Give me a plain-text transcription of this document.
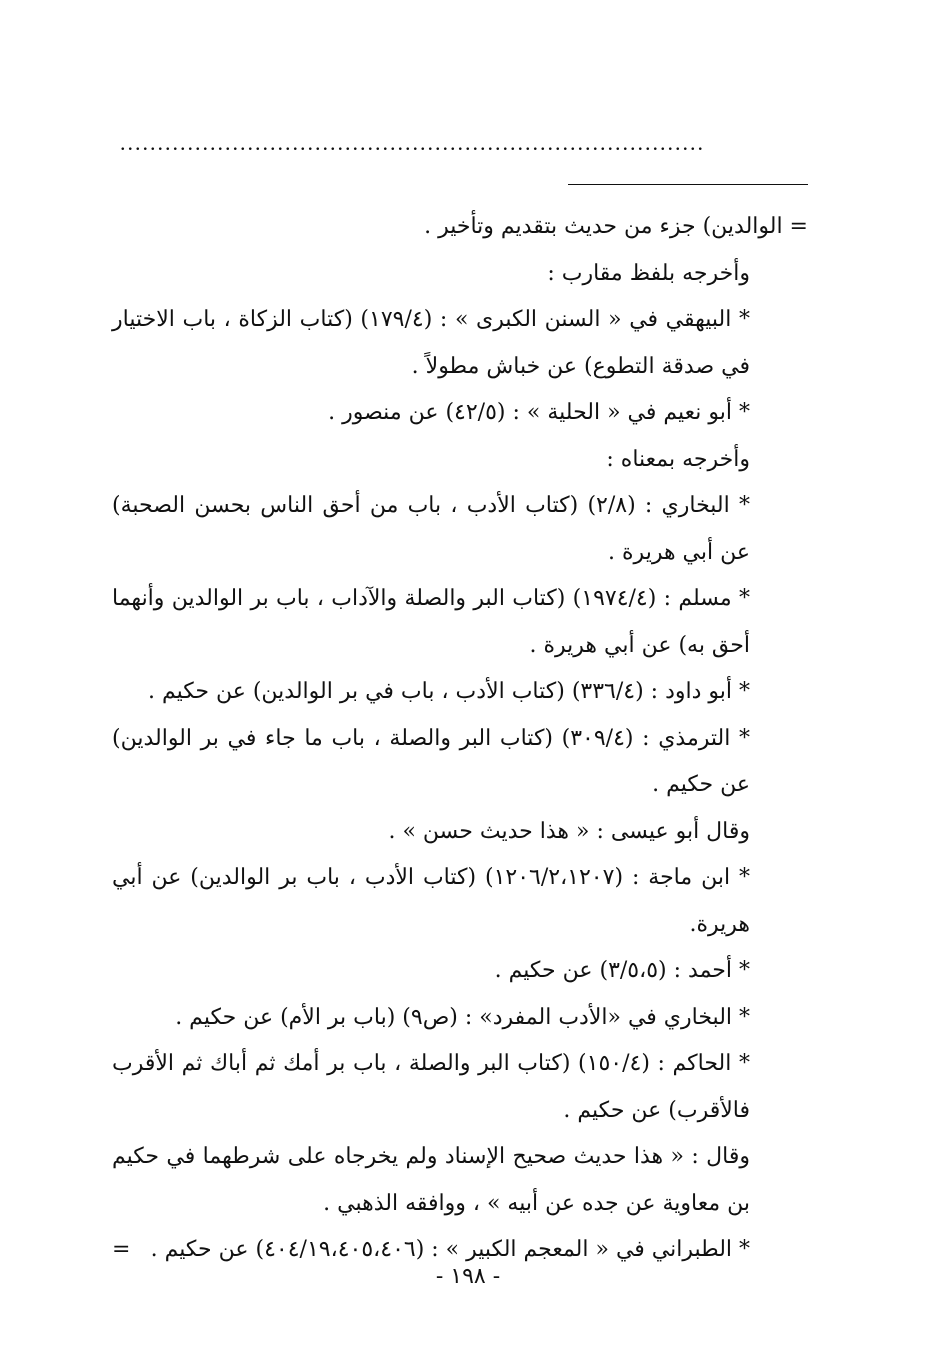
..............................................................................

= الوالدين) جزء من حديث بتقديم وتأخير .

وأخرجه بلفظ مقارب :

* البيهقي في « السنن الكبرى » : (١٧٩/٤) (كتاب الزكاة ، باب الاختيار في صدقة التطوع) عن خباش مطولاً .

* أبو نعيم في « الحلية » : (٤٢/٥) عن منصور .

وأخرجه بمعناه :

* البخاري : (٢/٨) (كتاب الأدب ، باب من أحق الناس بحسن الصحبة) عن أبي هريرة .

* مسلم : (١٩٧٤/٤) (كتاب البر والصلة والآداب ، باب بر الوالدين وأنهما أحق به) عن أبي هريرة .

* أبو داود : (٣٣٦/٤) (كتاب الأدب ، باب في بر الوالدين) عن حكيم .

* الترمذي : (٣٠٩/٤) (كتاب البر والصلة ، باب ما جاء في بر الوالدين) عن حكيم .

وقال أبو عيسى : « هذا حديث حسن » .

* ابن ماجة : (١٢٠٦/٢،١٢٠٧) (كتاب الأدب ، باب بر الوالدين) عن أبي هريرة.

* أحمد : (٣/٥،٥) عن حكيم .

* البخاري في «الأدب المفرد» : (ص٩) (باب بر الأم) عن حكيم .

* الحاكم : (١٥٠/٤) (كتاب البر والصلة ، باب بر أمك ثم أباك ثم الأقرب فالأقرب) عن حكيم .

وقال : « هذا حديث صحيح الإسناد ولم يخرجاه على شرطهما في حكيم بن معاوية عن جده عن أبيه » ، ووافقه الذهبي .

* الطبراني في « المعجم الكبير » : (٤٠٤/١٩،٤٠٥،٤٠٦) عن حكيم .
=
- ١٩٨ -
